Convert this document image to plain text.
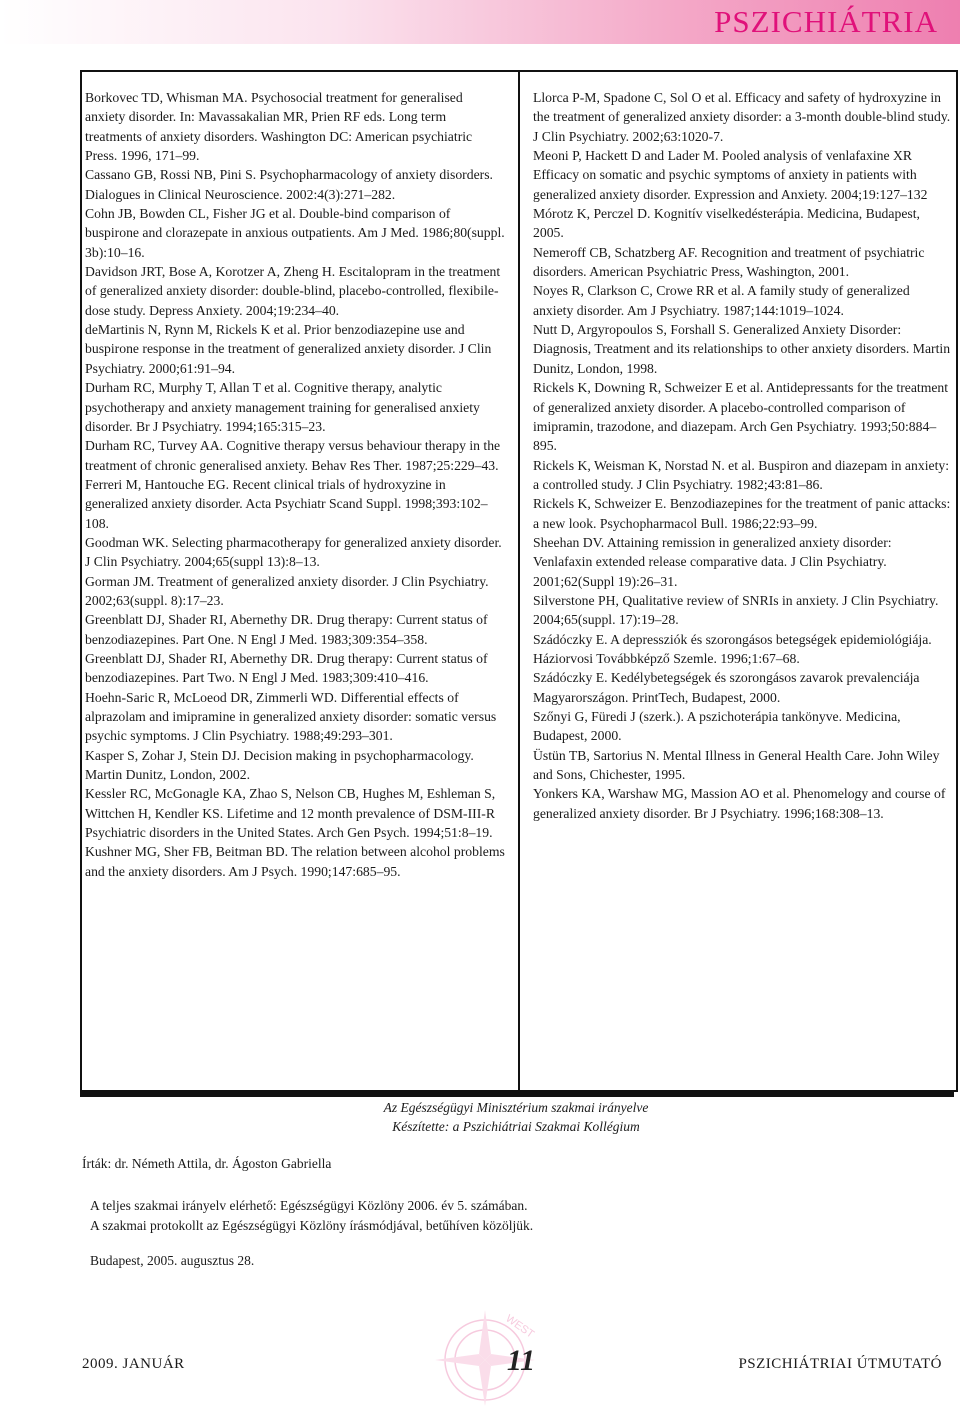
PSZICHIÁTRIA

Borkovec TD, Whisman MA. Psychosocial treatment for generalised anxiety disorder. In: Mavassakalian MR, Prien RF eds. Long term treatments of anxiety disorders. Washington DC: American psychiatric Press. 1996, 171–99.

Cassano GB, Rossi NB, Pini S. Psychopharmacology of anxiety disorders. Dialogues in Clinical Neuroscience. 2002:4(3):271–282.

Cohn JB, Bowden CL, Fisher JG et al. Double-bind comparison of buspirone and clorazepate in anxious outpatients. Am J Med. 1986;80(suppl. 3b):10–16.

Davidson JRT, Bose A, Korotzer A, Zheng H. Escitalopram in the treatment of generalized anxiety disorder: double-blind, placebo-controlled, flexibile-dose study. Depress Anxiety. 2004;19:234–40.

deMartinis N, Rynn M, Rickels K et al. Prior benzodiazepine use and buspirone response in the treatment of generalized anxiety disorder. J Clin Psychiatry. 2000;61:91–94.

Durham RC, Murphy T, Allan T et al. Cognitive therapy, analytic psychotherapy and anxiety management training for generalised anxiety disorder. Br J Psychiatry. 1994;165:315–23.

Durham RC, Turvey AA. Cognitive therapy versus behaviour therapy in the treatment of chronic generalised anxiety. Behav Res Ther. 1987;25:229–43.

Ferreri M, Hantouche EG. Recent clinical trials of hydroxyzine in generalized anxiety disorder. Acta Psychiatr Scand Suppl. 1998;393:102–108.

Goodman WK. Selecting pharmacotherapy for generalized anxiety disorder. J Clin Psychiatry. 2004;65(suppl 13):8–13.

Gorman JM. Treatment of generalized anxiety disorder. J Clin Psychiatry. 2002;63(suppl. 8):17–23.

Greenblatt DJ, Shader RI, Abernethy DR. Drug therapy: Current status of benzodiazepines. Part One. N Engl J Med. 1983;309:354–358.

Greenblatt DJ, Shader RI, Abernethy DR. Drug therapy: Current status of benzodiazepines. Part Two. N Engl J Med. 1983;309:410–416.

Hoehn-Saric R, McLoeod DR, Zimmerli WD. Differential effects of alprazolam and imipramine in generalized anxiety disorder: somatic versus psychic symptoms. J Clin Psychiatry. 1988;49:293–301.

Kasper S, Zohar J, Stein DJ. Decision making in psychopharmacology. Martin Dunitz, London, 2002.

Kessler RC, McGonagle KA, Zhao S, Nelson CB, Hughes M, Eshleman S, Wittchen H, Kendler KS. Lifetime and 12 month prevalence of DSM-III-R Psychiatric disorders in the United States. Arch Gen Psych. 1994;51:8–19.

Kushner MG, Sher FB, Beitman BD. The relation between alcohol problems and the anxiety disorders. Am J Psych. 1990;147:685–95.

Llorca P-M, Spadone C, Sol O et al. Efficacy and safety of hydroxyzine in the treatment of generalized anxiety disorder: a 3-month double-blind study. J Clin Psychiatry. 2002;63:1020-7.

Meoni P, Hackett D and Lader M. Pooled analysis of venlafaxine XR Efficacy on somatic and psychic symptoms of anxiety in patients with generalized anxiety disorder. Expression and Anxiety. 2004;19:127–132

Mórotz K, Perczel D. Kognitív viselkedésterápia. Medicina, Budapest, 2005.

Nemeroff CB, Schatzberg AF. Recognition and treatment of psychiatric disorders. American Psychiatric Press, Washington, 2001.

Noyes R, Clarkson C, Crowe RR et al. A family study of generalized anxiety disorder. Am J Psychiatry. 1987;144:1019–1024.

Nutt D, Argyropoulos S, Forshall S. Generalized Anxiety Disorder: Diagnosis, Treatment and its relationships to other anxiety disorders. Martin Dunitz, London, 1998.

Rickels K, Downing R, Schweizer E et al. Antidepressants for the treatment of generalized anxiety disorder. A placebo-controlled comparison of imipramin, trazodone, and diazepam. Arch Gen Psychiatry. 1993;50:884–895.

Rickels K, Weisman K, Norstad N. et al. Buspiron and diazepam in anxiety: a controlled study. J Clin Psychiatry. 1982;43:81–86.

Rickels K, Schweizer E. Benzodiazepines for the treatment of panic attacks: a new look. Psychopharmacol Bull. 1986;22:93–99.

Sheehan DV. Attaining remission in generalized anxiety disorder: Venlafaxin extended release comparative data. J Clin Psychiatry. 2001;62(Suppl 19):26–31.

Silverstone PH, Qualitative review of SNRIs in anxiety. J Clin Psychiatry. 2004;65(suppl. 17):19–28.

Szádóczky E. A depressziók és szorongásos betegségek epidemiológiája. Háziorvosi Továbbképző Szemle. 1996;1:67–68.

Szádóczky E. Kedélybetegségek és szorongásos zavarok prevalenciája Magyarországon. PrintTech, Budapest, 2000.

Szőnyi G, Füredi J (szerk.). A pszichoterápia tankönyve. Medicina, Budapest, 2000.

Üstün TB, Sartorius N. Mental Illness in General Health Care. John Wiley and Sons, Chichester, 1995.

Yonkers KA, Warshaw MG, Massion AO et al. Phenomelogy and course of generalized anxiety disorder. Br J Psychiatry. 1996;168:308–13.

Az Egészségügyi Minisztérium szakmai irányelve
Készítette: a Pszichiátriai Szakmai Kollégium
Írták: dr. Németh Attila, dr. Ágoston Gabriella
A teljes szakmai irányelv elérhető: Egészségügyi Közlöny 2006. év 5. számában.
A szakmai protokollt az Egészségügyi Közlöny írásmódjával, betűhíven közöljük.
Budapest, 2005. augusztus 28.
WEST
2009. JANUÁR	11	PSZICHIÁTRIAI ÚTMUTATÓ
